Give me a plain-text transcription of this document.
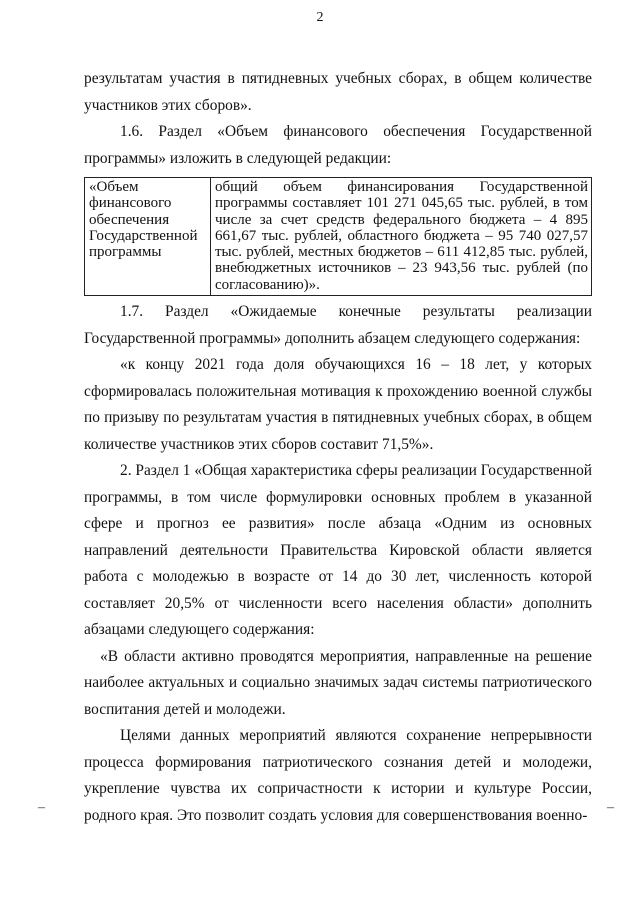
2

результатам участия в пятидневных учебных сборах, в общем количестве участников этих сборов».

1.6. Раздел «Объем финансового обеспечения Государственной программы» изложить в следующей редакции:

«Объем финансового обеспечения Государственной программы	общий объем финансирования Государственной программы составляет 101 271 045,65 тыс. рублей, в том числе за счет средств федерального бюджета – 4 895 661,67 тыс. рублей, областного бюджета – 95 740 027,57 тыс. рублей, местных бюджетов – 611 412,85 тыс. рублей, внебюджетных источников – 23 943,56 тыс. рублей (по согласованию)».

1.7. Раздел «Ожидаемые конечные результаты реализации Государственной программы» дополнить абзацем следующего содержания:

«к концу 2021 года доля обучающихся 16 – 18 лет, у которых сформировалась положительная мотивация к прохождению военной службы по призыву по результатам участия в пятидневных учебных сборах, в общем количестве участников этих сборов составит 71,5%».

2. Раздел 1 «Общая характеристика сферы реализации Государственной программы, в том числе формулировки основных проблем в указанной сфере и прогноз ее развития» после абзаца «Одним из основных направлений деятельности Правительства Кировской области является работа с молодежью в возрасте от 14 до 30 лет, численность которой составляет 20,5% от численности всего населения области» дополнить абзацами следующего содержания:

«В области активно проводятся мероприятия, направленные на решение наиболее актуальных и социально значимых задач системы патриотического воспитания детей и молодежи.

Целями данных мероприятий являются сохранение непрерывности процесса формирования патриотического сознания детей и молодежи, укрепление чувства их сопричастности к истории и культуре России, родного края. Это позволит создать условия для совершенствования военно-

–	–
